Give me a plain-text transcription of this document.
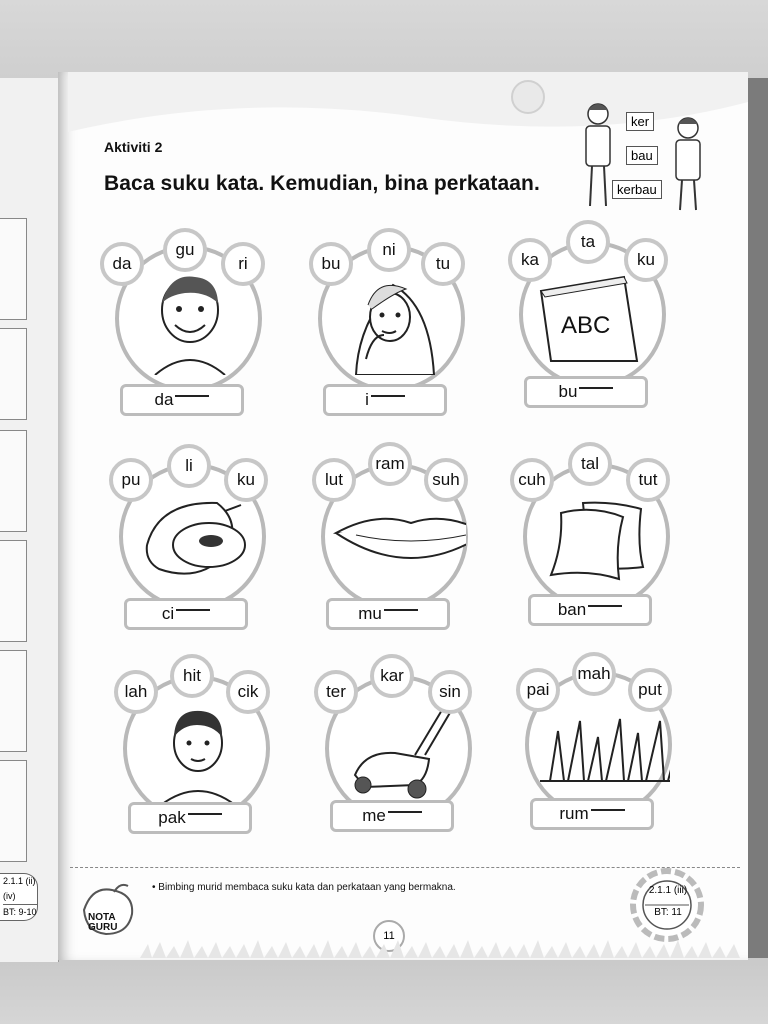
2.1.1 (ii)(iv)
BT: 9-10
Aktiviti 2
Baca suku kata. Kemudian, bina perkataan.
ker
bau
kerbau
da
gu
ri
da
bu
ni
tu
i
ABC
ka
ta
ku
bu
pu
li
ku
ci
lut
ram
suh
mu
cuh
tal
tut
ban
lah
hit
cik
pak
ter
kar
sin
me
pai
mah
put
rum
NOTA
GURU
• Bimbing murid membaca suku kata dan perkataan yang bermakna.
11
2.1.1 (iii)
BT: 11
